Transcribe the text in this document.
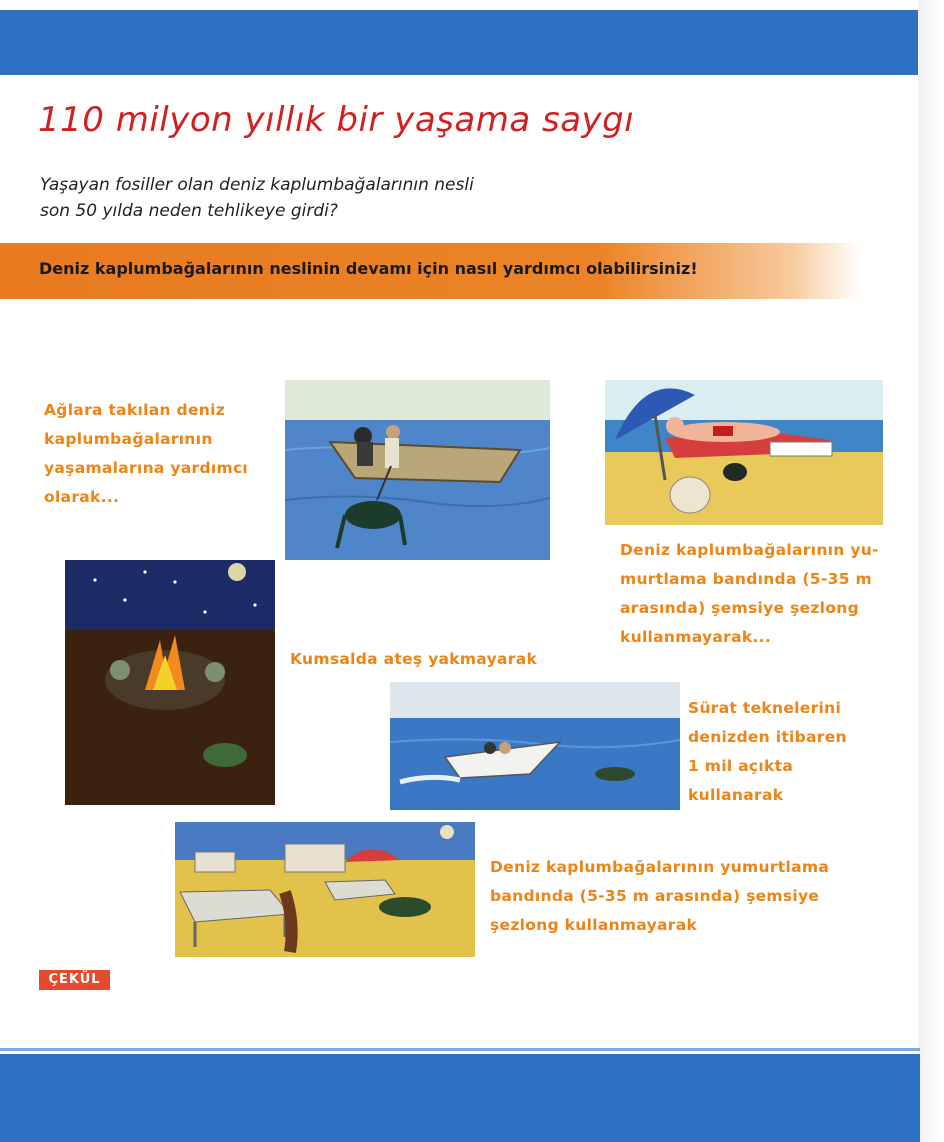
110 milyon yıllık bir yaşama saygı
Yaşayan fosiller olan deniz kaplumbağalarının nesli
son 50 yılda neden tehlikeye girdi?
Deniz kaplumbağalarının neslinin devamı için nasıl yardımcı olabilirsiniz!
Ağlara takılan deniz
kaplumbağalarının
yaşamalarına yardımcı
olarak...
Kumsalda ateş yakmayarak
Deniz kaplumbağalarının yu-
murtlama bandında (5-35 m
arasında) şemsiye şezlong
kullanmayarak...
Sürat teknelerini
denizden itibaren
1 mil açıkta
kullanarak
Deniz kaplumbağalarının yumurtlama
bandında (5-35 m arasında) şemsiye
şezlong kullanmayarak
ÇEKÜL
